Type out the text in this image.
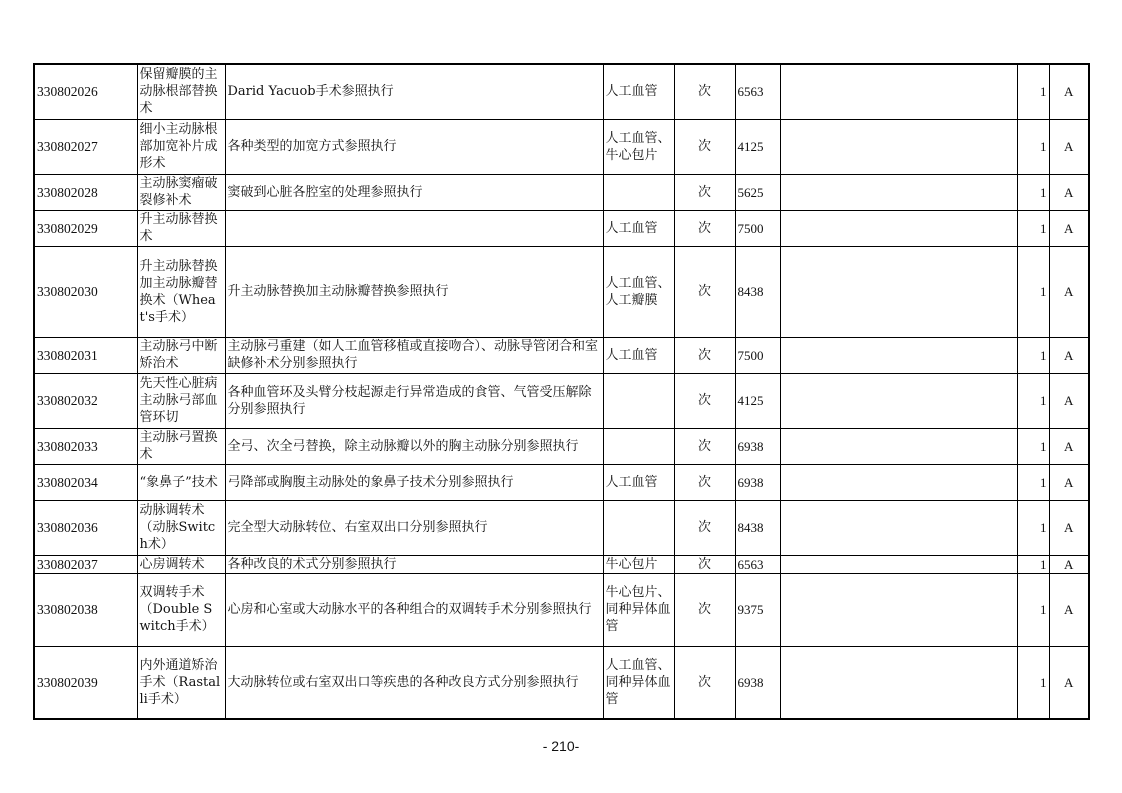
330802026	保留瓣膜的主动脉根部替换术	Darid Yacuob手术参照执行	人工血管	次	6563		1	A
330802027	细小主动脉根部加宽补片成形术	各种类型的加宽方式参照执行	人工血管、牛心包片	次	4125		1	A
330802028	主动脉窦瘤破裂修补术	窦破到心脏各腔室的处理参照执行		次	5625		1	A
330802029	升主动脉替换术		人工血管	次	7500		1	A
330802030	升主动脉替换加主动脉瓣替换术（Wheat's手术）	升主动脉替换加主动脉瓣替换参照执行	人工血管、人工瓣膜	次	8438		1	A
330802031	主动脉弓中断矫治术	主动脉弓重建（如人工血管移植或直接吻合）、动脉导管闭合和室缺修补术分别参照执行	人工血管	次	7500		1	A
330802032	先天性心脏病主动脉弓部血管环切	各种血管环及头臂分枝起源走行异常造成的食管、气管受压解除分别参照执行		次	4125		1	A
330802033	主动脉弓置换术	全弓、次全弓替换，除主动脉瓣以外的胸主动脉分别参照执行		次	6938		1	A
330802034	“象鼻子”技术	弓降部或胸腹主动脉处的象鼻子技术分别参照执行	人工血管	次	6938		1	A
330802036	动脉调转术（动脉Switch术）	完全型大动脉转位、右室双出口分别参照执行		次	8438		1	A
330802037	心房调转术	各种改良的术式分别参照执行	牛心包片	次	6563		1	A
330802038	双调转手术（Double Switch手术）	心房和心室或大动脉水平的各种组合的双调转手术分别参照执行	牛心包片、同种异体血管	次	9375		1	A
330802039	内外通道矫治手术（Rastalli手术）	大动脉转位或右室双出口等疾患的各种改良方式分别参照执行	人工血管、同种异体血管	次	6938		1	A
- 210-
